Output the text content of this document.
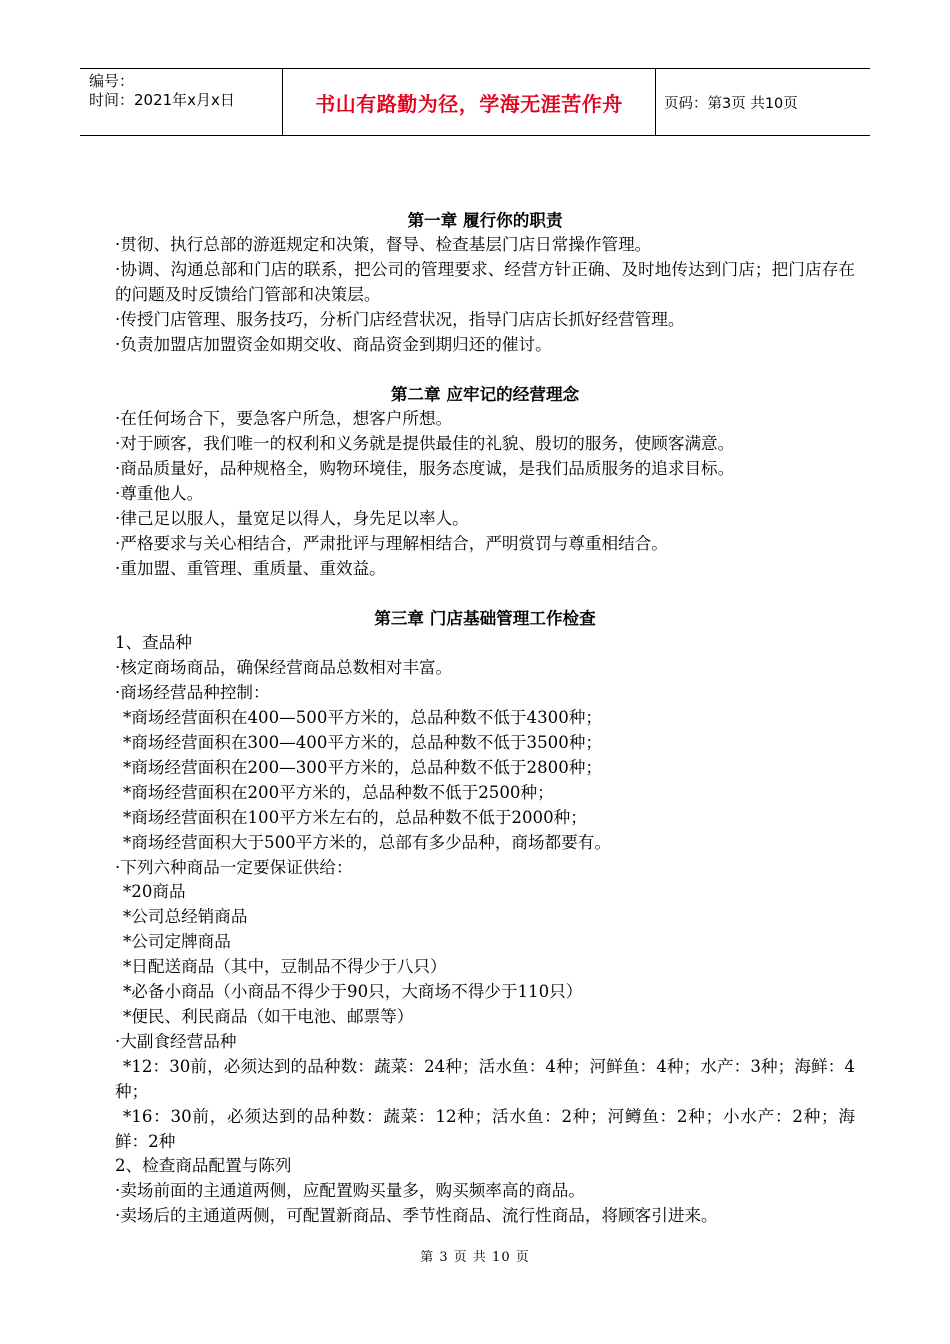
编号：
时间：2021年x月x日	书山有路勤为径，学海无涯苦作舟	页码：第3页 共10页
第一章 履行你的职责

·贯彻、执行总部的游逛规定和决策，督导、检查基层门店日常操作管理。

·协调、沟通总部和门店的联系，把公司的管理要求、经营方针正确、及时地传达到门店；把门店存在的问题及时反馈给门管部和决策层。

·传授门店管理、服务技巧，分析门店经营状况，指导门店店长抓好经营管理。

·负责加盟店加盟资金如期交收、商品资金到期归还的催讨。

第二章 应牢记的经营理念

·在任何场合下，要急客户所急，想客户所想。

·对于顾客，我们唯一的权利和义务就是提供最佳的礼貌、殷切的服务，使顾客满意。

·商品质量好，品种规格全，购物环境佳，服务态度诚，是我们品质服务的追求目标。

·尊重他人。

·律己足以服人，量宽足以得人，身先足以率人。

·严格要求与关心相结合，严肃批评与理解相结合，严明赏罚与尊重相结合。

·重加盟、重管理、重质量、重效益。

第三章 门店基础管理工作检查

1、查品种

·核定商场商品，确保经营商品总数相对丰富。

·商场经营品种控制：

*商场经营面积在400—500平方米的，总品种数不低于4300种；

*商场经营面积在300—400平方米的，总品种数不低于3500种；

*商场经营面积在200—300平方米的，总品种数不低于2800种；

*商场经营面积在200平方米的，总品种数不低于2500种；

*商场经营面积在100平方米左右的，总品种数不低于2000种；

*商场经营面积大于500平方米的，总部有多少品种，商场都要有。

·下列六种商品一定要保证供给：

*20商品

*公司总经销商品

*公司定牌商品

*日配送商品（其中，豆制品不得少于八只）

*必备小商品（小商品不得少于90只，大商场不得少于110只）

*便民、利民商品（如干电池、邮票等）

·大副食经营品种

*12：30前，必须达到的品种数：蔬菜：24种；活水鱼：4种；河鲜鱼：4种；水产：3种；海鲜：4种；

*16：30前，必须达到的品种数：蔬菜：12种；活水鱼：2种；河鳟鱼：2种；小水产：2种；海鲜：2种

2、检查商品配置与陈列

·卖场前面的主通道两侧，应配置购买量多，购买频率高的商品。

·卖场后的主通道两侧，可配置新商品、季节性商品、流行性商品，将顾客引进来。

第 3 页 共 10 页
